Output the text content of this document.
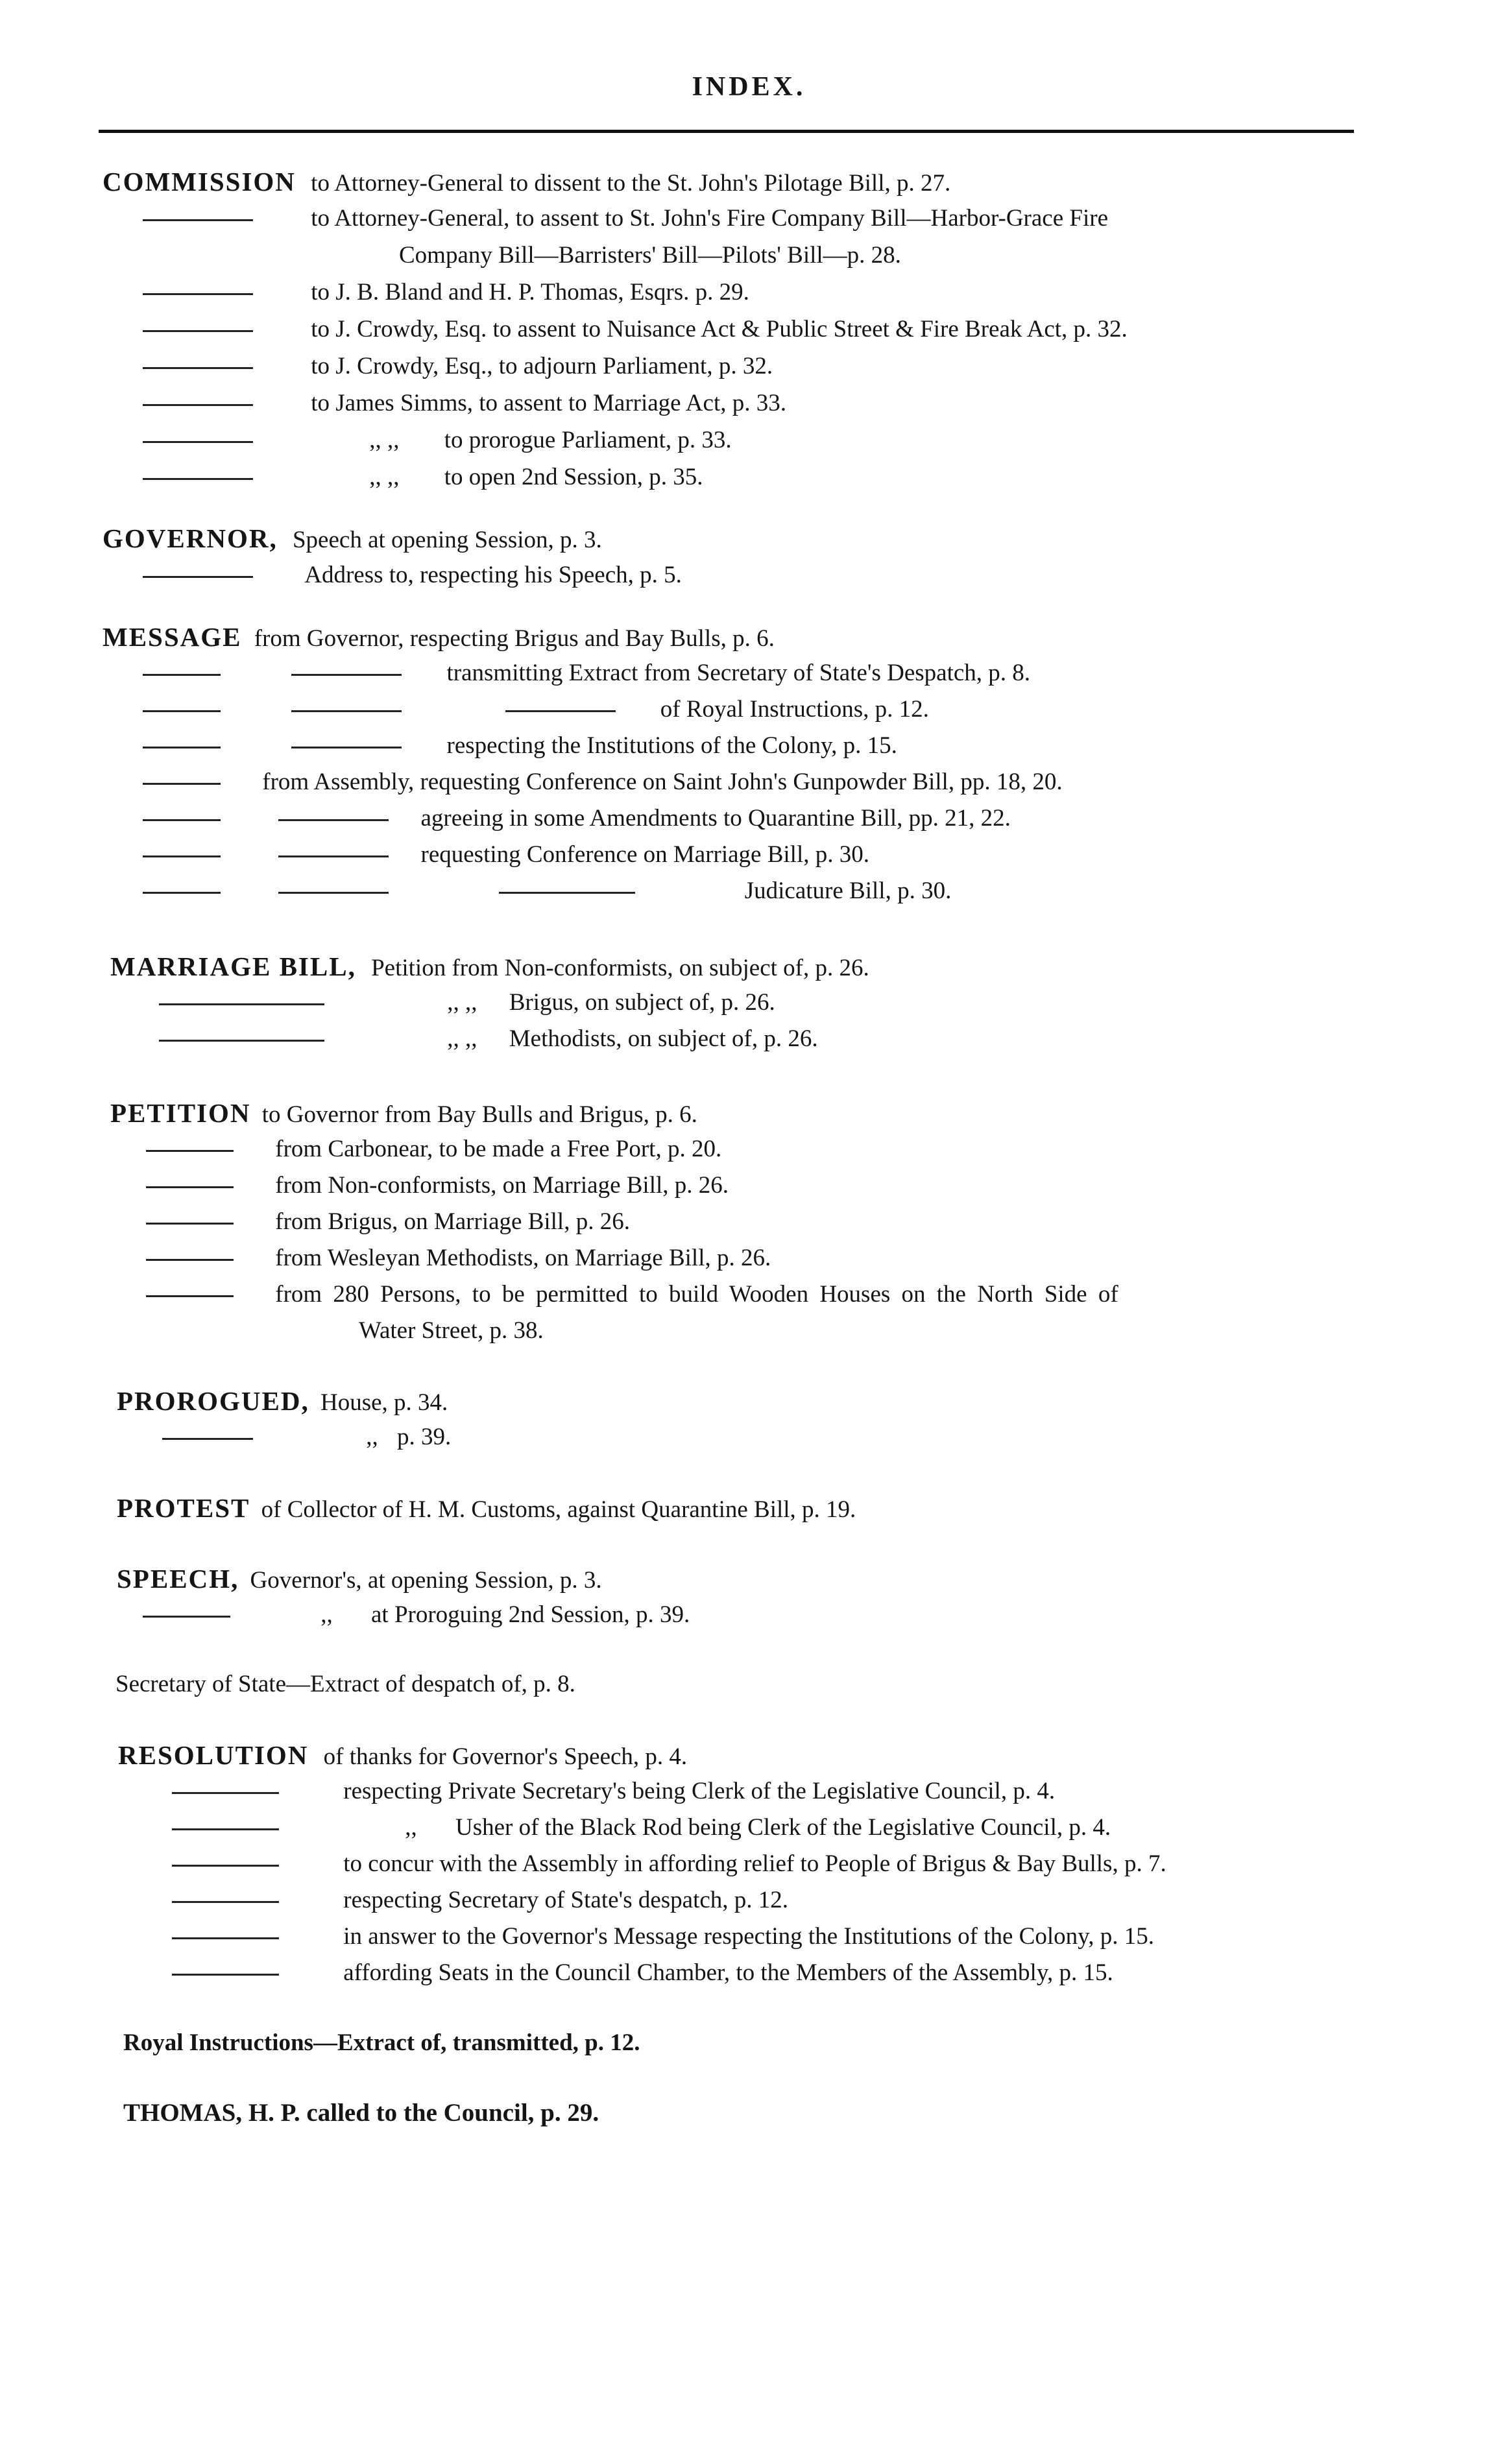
INDEX.
COMMISSION to Attorney-General to dissent to the St. John's Pilotage Bill, p. 27.
to Attorney-General, to assent to St. John's Fire Company Bill—Harbor-Grace Fire
Company Bill—Barristers' Bill—Pilots' Bill—p. 28.
to J. B. Bland and H. P. Thomas, Esqrs. p. 29.
to J. Crowdy, Esq. to assent to Nuisance Act & Public Street & Fire Break Act, p. 32.
to J. Crowdy, Esq., to adjourn Parliament, p. 32.
to James Simms, to assent to Marriage Act, p. 33.
,, ,, to prorogue Parliament, p. 33.
,, ,, to open 2nd Session, p. 35.
GOVERNOR, Speech at opening Session, p. 3.
Address to, respecting his Speech, p. 5.
MESSAGE from Governor, respecting Brigus and Bay Bulls, p. 6.
transmitting Extract from Secretary of State's Despatch, p. 8.
of Royal Instructions, p. 12.
respecting the Institutions of the Colony, p. 15.
from Assembly, requesting Conference on Saint John's Gunpowder Bill, pp. 18, 20.
agreeing in some Amendments to Quarantine Bill, pp. 21, 22.
requesting Conference on Marriage Bill, p. 30.
Judicature Bill, p. 30.
MARRIAGE BILL, Petition from Non-conformists, on subject of, p. 26.
,, ,, Brigus, on subject of, p. 26.
,, ,, Methodists, on subject of, p. 26.
PETITION to Governor from Bay Bulls and Brigus, p. 6.
from Carbonear, to be made a Free Port, p. 20.
from Non-conformists, on Marriage Bill, p. 26.
from Brigus, on Marriage Bill, p. 26.
from Wesleyan Methodists, on Marriage Bill, p. 26.
from 280 Persons, to be permitted to build Wooden Houses on the North Side of
Water Street, p. 38.
PROROGUED, House, p. 34.
,, p. 39.
PROTEST of Collector of H. M. Customs, against Quarantine Bill, p. 19.
SPEECH, Governor's, at opening Session, p. 3.
,, at Proroguing 2nd Session, p. 39.
Secretary of State—Extract of despatch of, p. 8.
RESOLUTION of thanks for Governor's Speech, p. 4.
respecting Private Secretary's being Clerk of the Legislative Council, p. 4.
,, Usher of the Black Rod being Clerk of the Legislative Council, p. 4.
to concur with the Assembly in affording relief to People of Brigus & Bay Bulls, p. 7.
respecting Secretary of State's despatch, p. 12.
in answer to the Governor's Message respecting the Institutions of the Colony, p. 15.
affording Seats in the Council Chamber, to the Members of the Assembly, p. 15.
Royal Instructions—Extract of, transmitted, p. 12.
THOMAS, H. P. called to the Council, p. 29.
